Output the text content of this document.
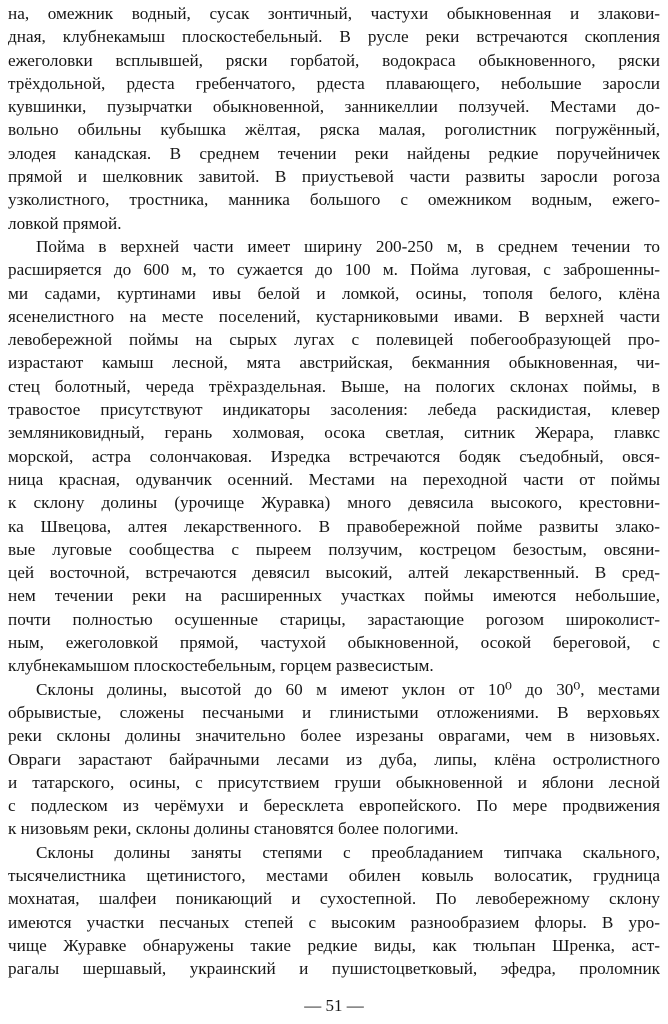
на, омежник водный, сусак зонтичный, частухи обыкновенная и злакови-
дная, клубнекамыш плоскостебельный. В русле реки встречаются скопления
ежеголовки всплывшей, ряски горбатой, водокраса обыкновенного, ряски
трёхдольной, рдеста гребенчатого, рдеста плавающего, небольшие заросли
кувшинки, пузырчатки обыкновенной, занникеллии ползучей. Местами до-
вольно обильны кубышка жёлтая, ряска малая, роголистник погружённый,
элодея канадская. В среднем течении реки найдены редкие поручейничек
прямой и шелковник завитой. В приустьевой части развиты заросли рогоза
узколистного, тростника, манника большого с омежником водным, ежего-
ловкой прямой.
Пойма в верхней части имеет ширину 200-250 м, в среднем течении то
расширяется до 600 м, то сужается до 100 м. Пойма луговая, с заброшенны-
ми садами, куртинами ивы белой и ломкой, осины, тополя белого, клёна
ясенелистного на месте поселений, кустарниковыми ивами. В верхней части
левобережной поймы на сырых лугах с полевицей побегообразующей про-
израстают камыш лесной, мята австрийская, бекманния обыкновенная, чи-
стец болотный, череда трёхраздельная. Выше, на пологих склонах поймы, в
травостое присутствуют индикаторы засоления: лебеда раскидистая, клевер
земляниковидный, герань холмовая, осока светлая, ситник Жерара, главкс
морской, астра солончаковая. Изредка встречаются бодяк съедобный, овся-
ница красная, одуванчик осенний. Местами на переходной части от поймы
к склону долины (урочище Журавка) много девясила высокого, крестовни-
ка Швецова, алтея лекарственного. В правобережной пойме развиты злако-
вые луговые сообщества с пыреем ползучим, кострецом безостым, овсяни-
цей восточной, встречаются девясил высокий, алтей лекарственный. В сред-
нем течении реки на расширенных участках поймы имеются небольшие,
почти полностью осушенные старицы, зарастающие рогозом широколист-
ным, ежеголовкой прямой, частухой обыкновенной, осокой береговой, с
клубнекамышом плоскостебельным, горцем развесистым.
Склоны долины, высотой до 60 м имеют уклон от 10⁰ до 30⁰, местами
обрывистые, сложены песчаными и глинистыми отложениями. В верховьях
реки склоны долины значительно более изрезаны оврагами, чем в низовьях.
Овраги зарастают байрачными лесами из дуба, липы, клёна остролистного
и татарского, осины, с присутствием груши обыкновенной и яблони лесной
с подлеском из черёмухи и бересклета европейского. По мере продвижения
к низовьям реки, склоны долины становятся более пологими.
Склоны долины заняты степями с преобладанием типчака скального,
тысячелистника щетинистого, местами обилен ковыль волосатик, грудница
мохнатая, шалфеи поникающий и сухостепной. По левобережному склону
имеются участки песчаных степей с высоким разнообразием флоры. В уро-
чище Журавке обнаружены такие редкие виды, как тюльпан Шренка, аст-
рагалы шершавый, украинский и пушистоцветковый, эфедра, проломник
— 51 —
